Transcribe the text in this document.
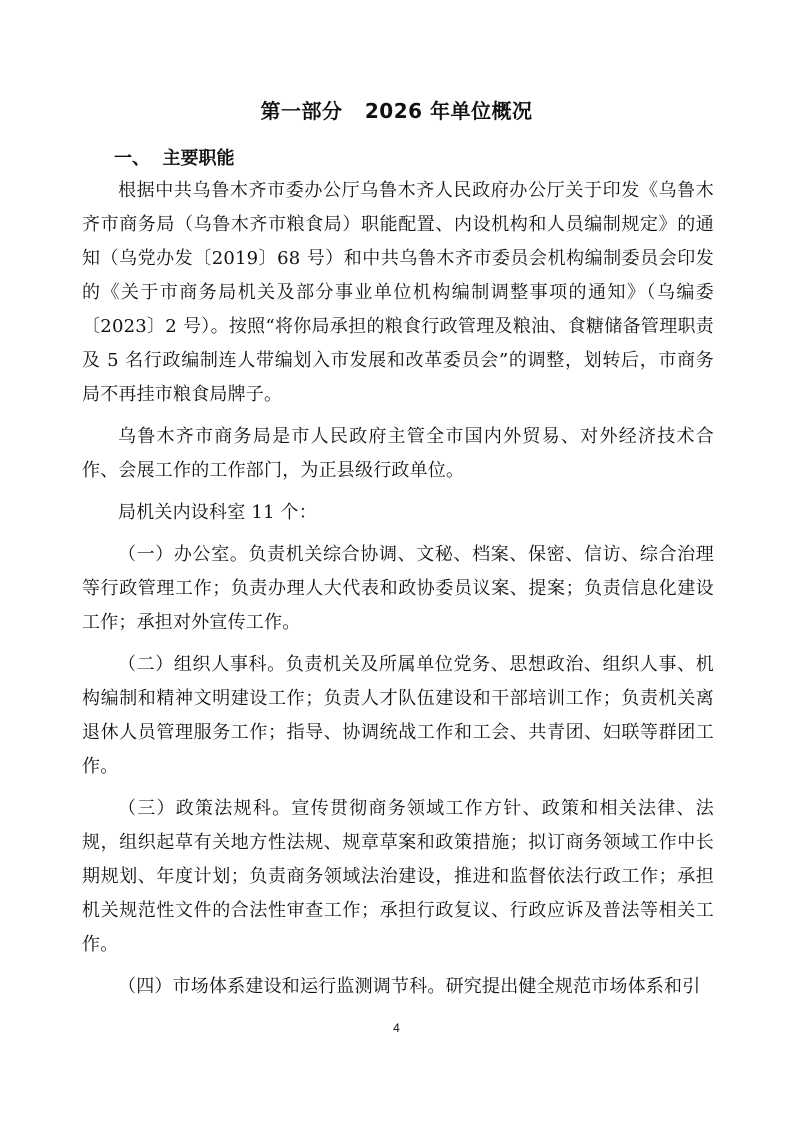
第一部分   2026 年单位概况
一、  主要职能

根据中共乌鲁木齐市委办公厅乌鲁木齐人民政府办公厅关于印发《乌鲁木齐市商务局（乌鲁木齐市粮食局）职能配置、内设机构和人员编制规定》的通知（乌党办发〔2019〕68 号）和中共乌鲁木齐市委员会机构编制委员会印发的《关于市商务局机关及部分事业单位机构编制调整事项的通知》（乌编委〔2023〕2 号）。按照“将你局承担的粮食行政管理及粮油、食糖储备管理职责及 5 名行政编制连人带编划入市发展和改革委员会”的调整，划转后，市商务局不再挂市粮食局牌子。

乌鲁木齐市商务局是市人民政府主管全市国内外贸易、对外经济技术合作、会展工作的工作部门，为正县级行政单位。

局机关内设科室 11 个：

（一）办公室。负责机关综合协调、文秘、档案、保密、信访、综合治理等行政管理工作；负责办理人大代表和政协委员议案、提案；负责信息化建设工作；承担对外宣传工作。

（二）组织人事科。负责机关及所属单位党务、思想政治、组织人事、机构编制和精神文明建设工作；负责人才队伍建设和干部培训工作；负责机关离退休人员管理服务工作；指导、协调统战工作和工会、共青团、妇联等群团工作。

（三）政策法规科。宣传贯彻商务领域工作方针、政策和相关法律、法规，组织起草有关地方性法规、规章草案和政策措施；拟订商务领域工作中长期规划、年度计划；负责商务领域法治建设，推进和监督依法行政工作；承担机关规范性文件的合法性审查工作；承担行政复议、行政应诉及普法等相关工作。

（四）市场体系建设和运行监测调节科。研究提出健全规范市场体系和引

4
